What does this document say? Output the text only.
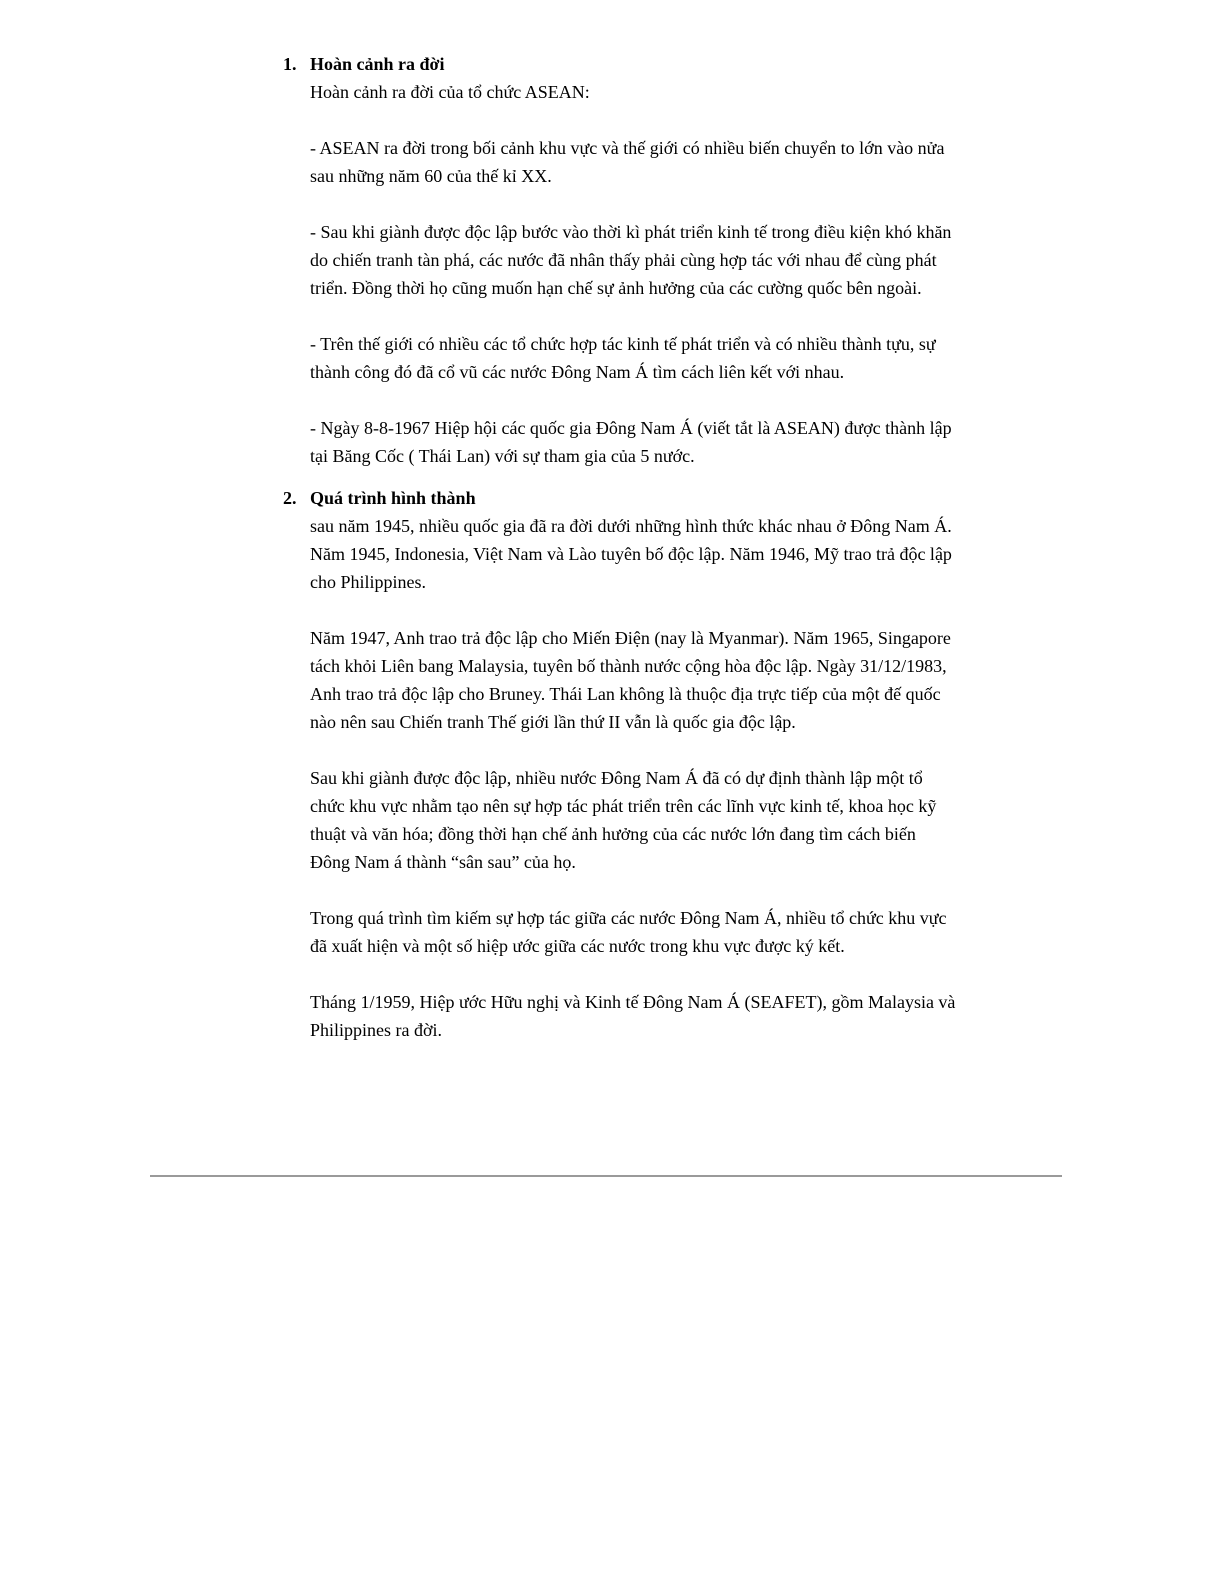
1. Hoàn cảnh ra đời

Hoàn cảnh ra đời của tổ chức ASEAN:

- ASEAN ra đời trong bối cảnh khu vực và thế giới có nhiều biến chuyển to lớn vào nửa sau những năm 60 của thế kỉ XX.

- Sau khi giành được độc lập bước vào thời kì phát triển kinh tế trong điều kiện khó khăn do chiến tranh tàn phá, các nước đã nhân thấy phải cùng hợp tác với nhau để cùng phát triển. Đồng thời họ cũng muốn hạn chế sự ảnh hưởng của các cường quốc bên ngoài.

- Trên thế giới có nhiều các tổ chức hợp tác kinh tế phát triển và có nhiều thành tựu, sự thành công đó đã cổ vũ các nước Đông Nam Á tìm cách liên kết với nhau.

- Ngày 8-8-1967 Hiệp hội các quốc gia Đông Nam Á (viết tắt là ASEAN) được thành lập tại Băng Cốc ( Thái Lan) với sự tham gia của 5 nước.

2. Quá trình hình thành

sau năm 1945, nhiều quốc gia đã ra đời dưới những hình thức khác nhau ở Đông Nam Á. Năm 1945, Indonesia, Việt Nam và Lào tuyên bố độc lập. Năm 1946, Mỹ trao trả độc lập cho Philippines.

Năm 1947, Anh trao trả độc lập cho Miến Điện (nay là Myanmar). Năm 1965, Singapore tách khỏi Liên bang Malaysia, tuyên bố thành nước cộng hòa độc lập. Ngày 31/12/1983, Anh trao trả độc lập cho Bruney. Thái Lan không là thuộc địa trực tiếp của một đế quốc nào nên sau Chiến tranh Thế giới lần thứ II vẫn là quốc gia độc lập.

Sau khi giành được độc lập, nhiều nước Đông Nam Á đã có dự định thành lập một tổ chức khu vực nhằm tạo nên sự hợp tác phát triển trên các lĩnh vực kinh tế, khoa học kỹ thuật và văn hóa; đồng thời hạn chế ảnh hưởng của các nước lớn đang tìm cách biến Đông Nam á thành “sân sau” của họ.

Trong quá trình tìm kiếm sự hợp tác giữa các nước Đông Nam Á, nhiều tổ chức khu vực đã xuất hiện và một số hiệp ước giữa các nước trong khu vực được ký kết.

Tháng 1/1959, Hiệp ước Hữu nghị và Kinh tế Đông Nam Á (SEAFET), gồm Malaysia và Philippines ra đời.
